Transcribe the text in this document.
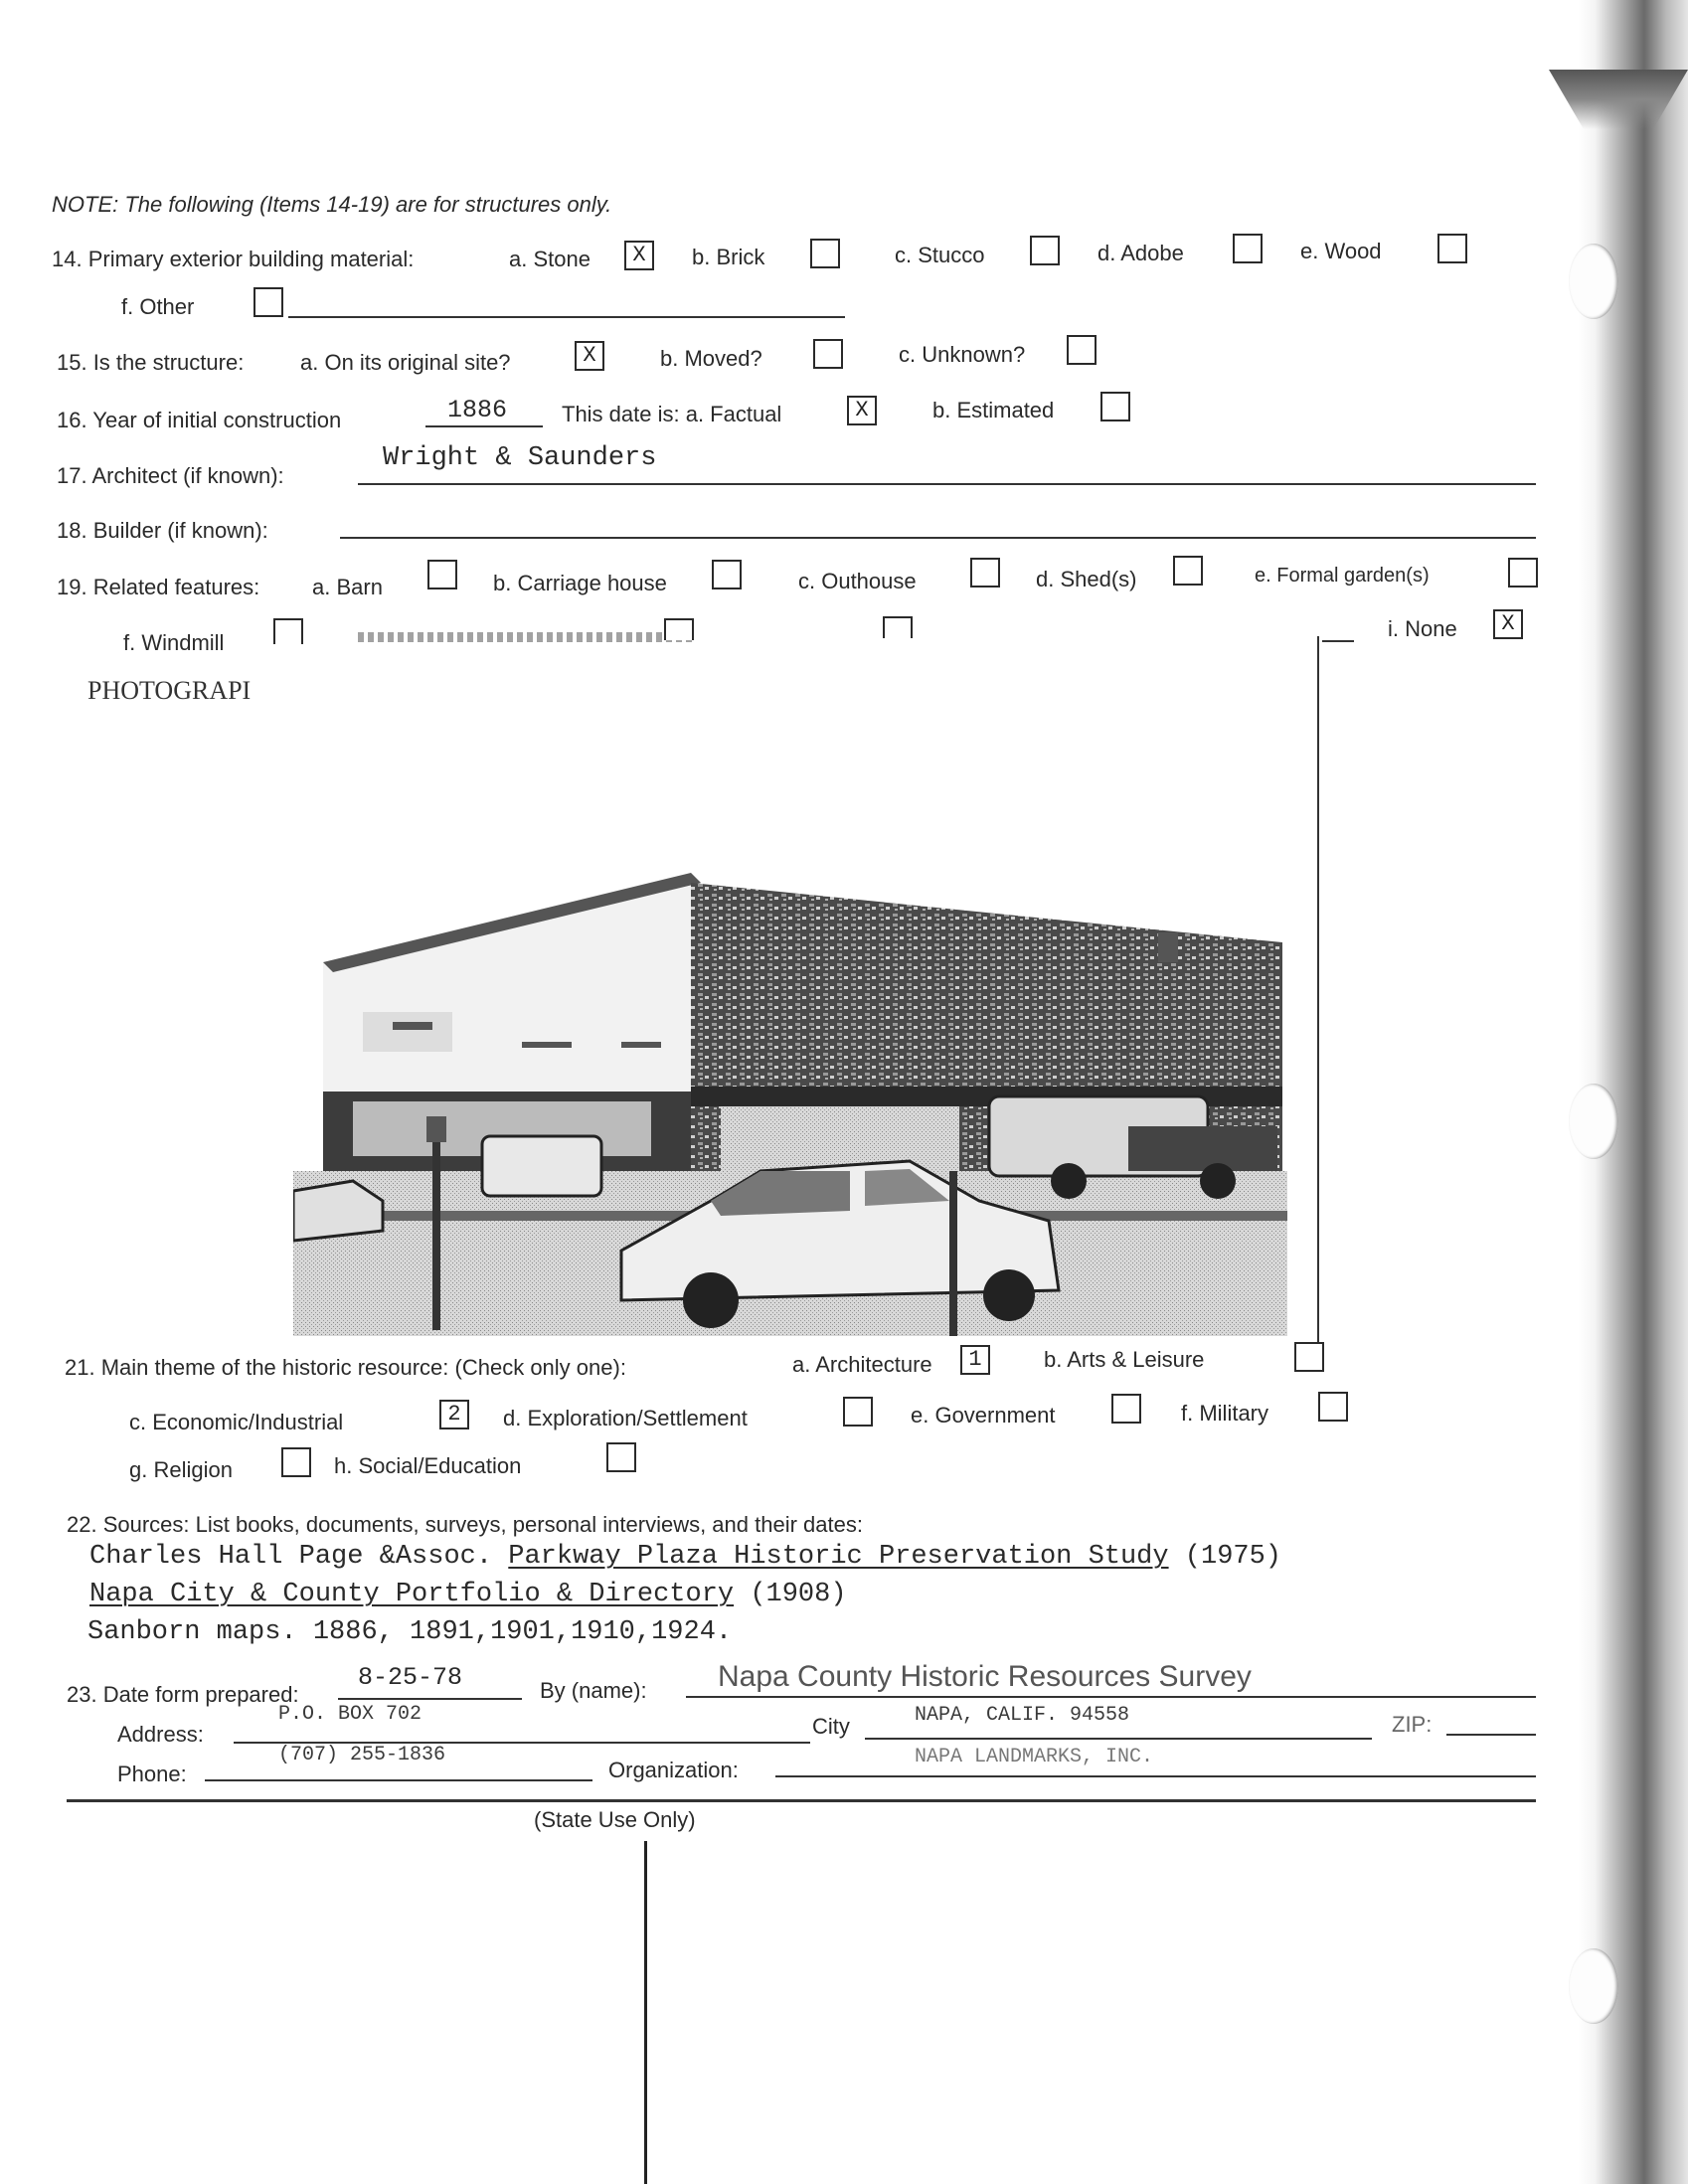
NOTE: The following (Items 14-19) are for structures only.
14. Primary exterior building material:	a. Stone	X	b. Brick	c. Stucco	d. Adobe	e. Wood
f. Other
15. Is the structure:	a. On its original site?	X	b. Moved?	c. Unknown?
16. Year of initial construction	1886 This date is: a. Factual	X	b. Estimated
17. Architect (if known):
Wright & Saunders
18. Builder (if known):
19. Related features: a. Barn	b. Carriage house	c. Outhouse	d. Shed(s)	e. Formal garden(s)
f. Windmill
i. None	X
PHOTOGRAPI
21. Main theme of the historic resource: (Check only one):	a. Architecture	1	b. Arts & Leisure
c. Economic/Industrial	2	d. Exploration/Settlement	e. Government	f. Military
g. Religion	h. Social/Education
22. Sources: List books, documents, surveys, personal interviews, and their dates:
Charles Hall Page &Assoc. Parkway Plaza Historic Preservation Study (1975)
Napa City & County Portfolio & Directory (1908)
Sanborn maps. 1886, 1891,1901,1910,1924.
23. Date form prepared:
8-25-78	By (name): Napa County Historic Resources Survey
Address:
P.O. BOX 702	City	NAPA, CALIF. 94558	ZIP:
Phone:
(707) 255-1836
Organization:
NAPA LANDMARKS, INC.
(State Use Only)
